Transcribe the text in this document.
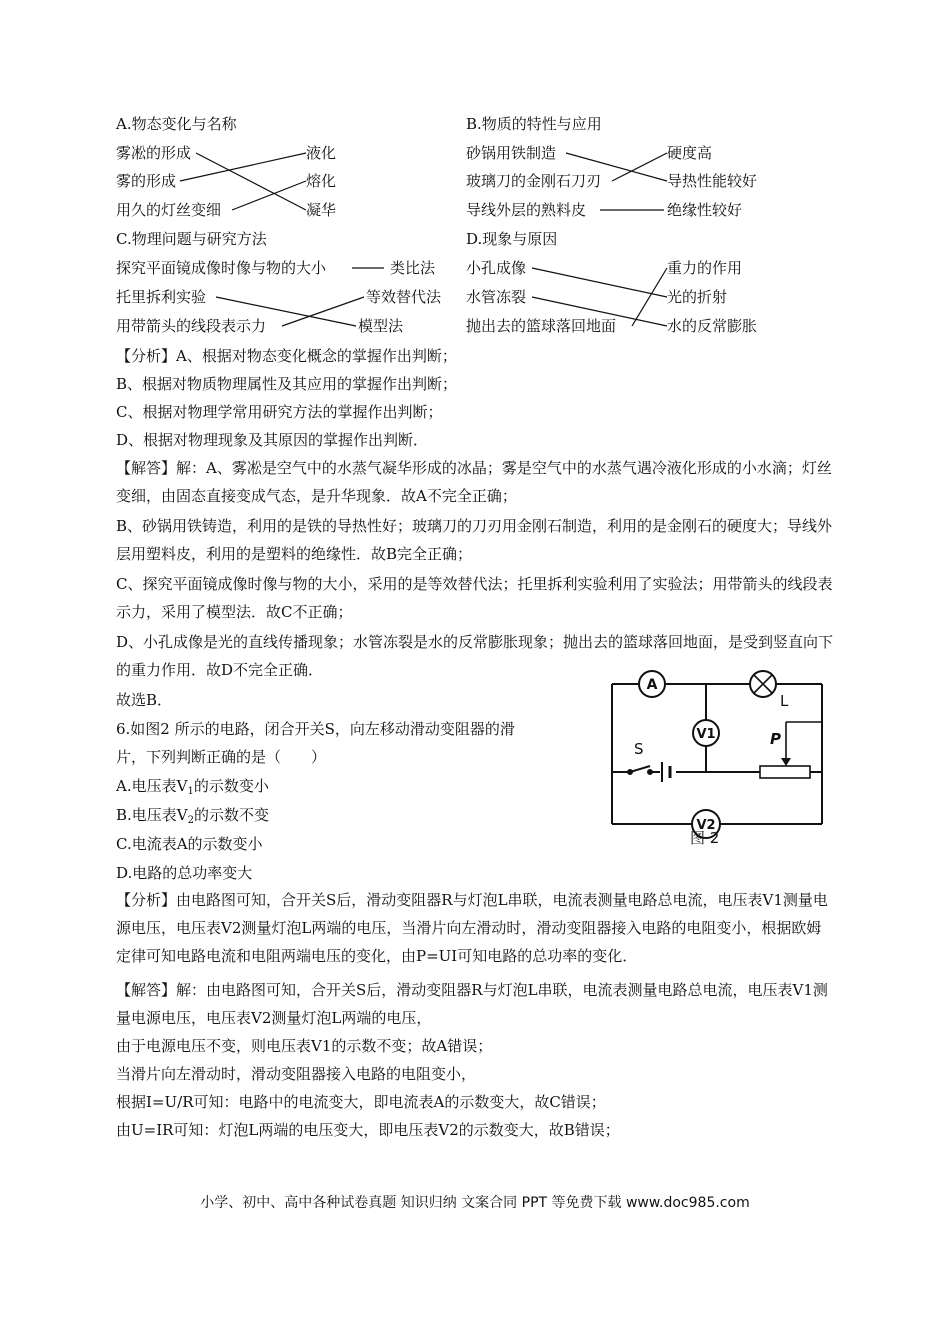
A.物态变化与名称	B.物质的特性与应用
雾凇的形成
雾的形成
用久的灯丝变细
液化
熔化
凝华
砂锅用铁制造
玻璃刀的金刚石刀刃
导线外层的熟料皮
硬度高
导热性能较好
绝缘性较好
C.物理问题与研究方法	D.现象与原因
探究平面镜成像时像与物的大小
托里拆利实验
用带箭头的线段表示力
类比法
等效替代法
模型法
小孔成像
水管冻裂
抛出去的篮球落回地面
重力的作用
光的折射
水的反常膨胀
【分析】A、根据对物态变化概念的掌握作出判断；
B、根据对物质物理属性及其应用的掌握作出判断；
C、根据对物理学常用研究方法的掌握作出判断；
D、根据对物理现象及其原因的掌握作出判断．
【解答】解：A、雾凇是空气中的水蒸气凝华形成的冰晶；雾是空气中的水蒸气遇冷液化形成的小水滴；灯丝变细，由固态直接变成气态，是升华现象．故A不完全正确；
B、砂锅用铁铸造，利用的是铁的导热性好；玻璃刀的刀刃用金刚石制造，利用的是金刚石的硬度大；导线外层用塑料皮，利用的是塑料的绝缘性．故B完全正确；
C、探究平面镜成像时像与物的大小，采用的是等效替代法；托里拆利实验利用了实验法；用带箭头的线段表示力，采用了模型法．故C不正确；
D、小孔成像是光的直线传播现象；水管冻裂是水的反常膨胀现象；抛出去的篮球落回地面，是受到竖直向下的重力作用．故D不完全正确．
故选B．
6.如图2 所示的电路，闭合开关S，向左移动滑动变阻器的滑
片，下列判断正确的是（　　）
A.电压表$V_1$的示数变小
B.电压表$V_2$的示数不变
C.电流表A的示数变小
D.电路的总功率变大
A
V1
V2
L
S
P
图 2
【分析】由电路图可知，合开关S后，滑动变阻器R与灯泡L串联，电流表测量电路总电流，电压表V1测量电源电压，电压表V2测量灯泡L两端的电压，当滑片向左滑动时，滑动变阻器接入电路的电阻变小，根据欧姆定律可知电路电流和电阻两端电压的变化，由P=UI可知电路的总功率的变化．
【解答】解：由电路图可知，合开关S后，滑动变阻器R与灯泡L串联，电流表测量电路总电流，电压表V1测量电源电压，电压表V2测量灯泡L两端的电压，
由于电源电压不变，则电压表V1的示数不变；故A错误；
当滑片向左滑动时，滑动变阻器接入电路的电阻变小，
根据I=U/R可知：电路中的电流变大，即电流表A的示数变大，故C错误；
由U=IR可知：灯泡L两端的电压变大，即电压表V2的示数变大，故B错误；
小学、初中、高中各种试卷真题 知识归纳 文案合同 PPT 等免费下载 www.doc985.com
